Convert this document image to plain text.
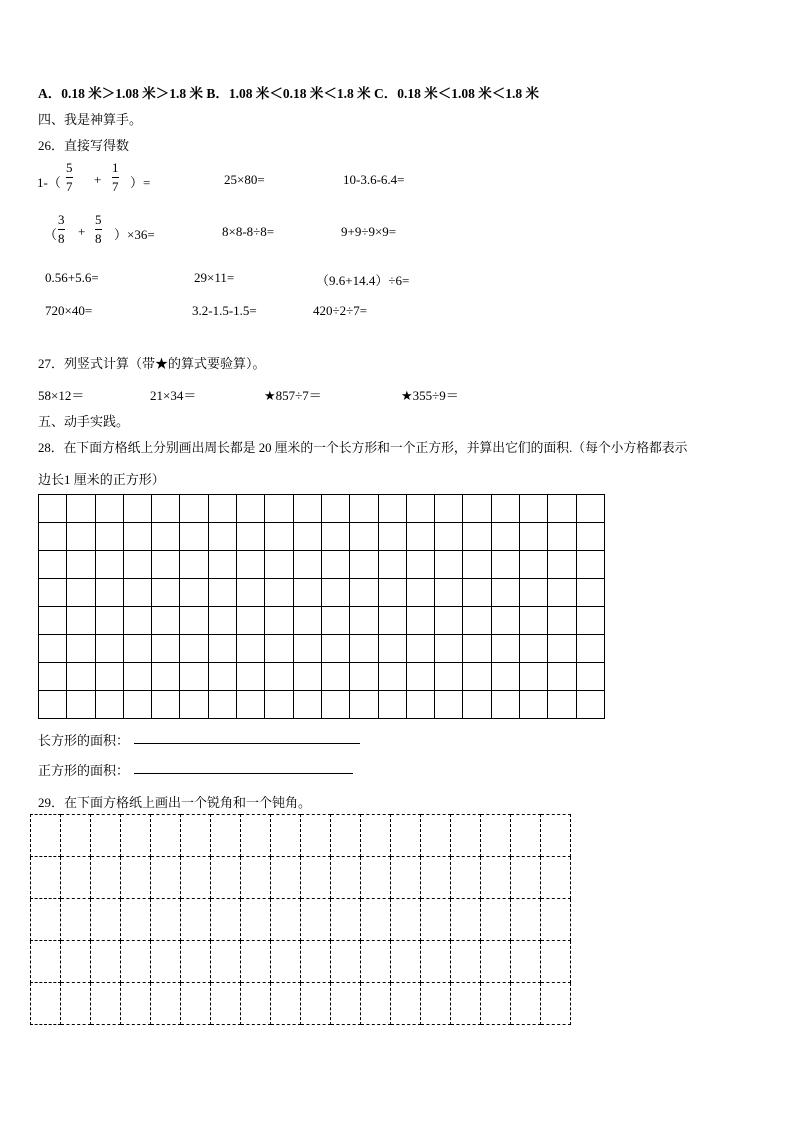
A．0.18 米＞1.08 米＞1.8 米 B．1.08 米＜0.18 米＜1.8 米 C．0.18 米＜1.08 米＜1.8 米
四、我是神算手。
26．直接写得数
1-（
5
7 +
1
7 ）=	25×80=	10-3.6-6.4=
（
3
8 +
5
8 ）×36=	8×8-8÷8=	9+9÷9×9=
0.56+5.6=	29×11=	（9.6+14.4）÷6=
720×40=	3.2-1.5-1.5=	420÷2÷7=
27．列竖式计算（带★的算式要验算）。
58×12＝	21×34＝	★857÷7＝	★355÷9＝
五、动手实践。
28．在下面方格纸上分别画出周长都是 20 厘米的一个长方形和一个正方形，并算出它们的面积.（每个小方格都表示
边长1 厘米的正方形）

长方形的面积：
正方形的面积：
29．在下面方格纸上画出一个锐角和一个钝角。
